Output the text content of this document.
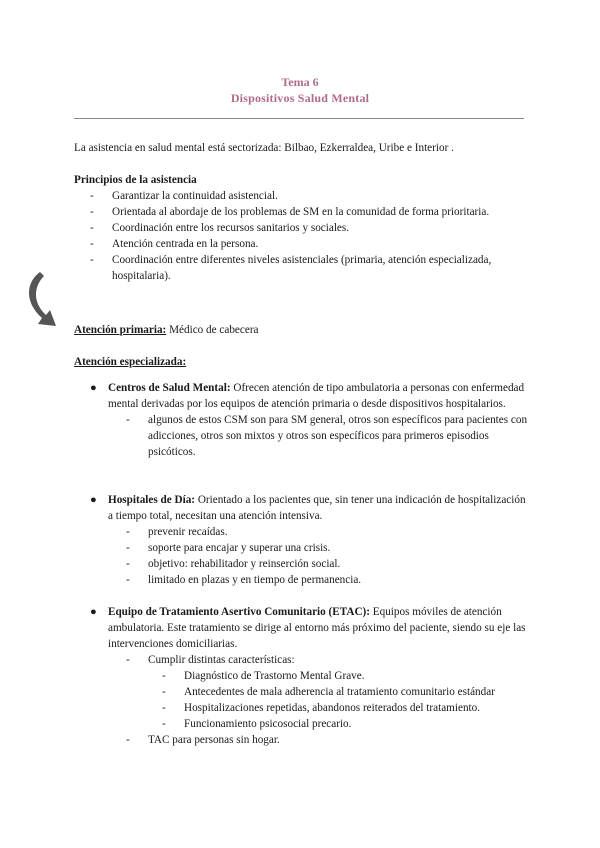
Tema 6
Dispositivos Salud Mental
La asistencia en salud mental está sectorizada: Bilbao, Ezkerraldea, Uribe e Interior .
Principios de la asistencia
- Garantizar la continuidad asistencial.
- Orientada al abordaje de los problemas de SM en la comunidad de forma prioritaria.
- Coordinación entre los recursos sanitarios y sociales.
- Atención centrada en la persona.
- Coordinación entre diferentes niveles asistenciales (primaria, atención especializada, hospitalaria).
Atención primaria: Médico de cabecera
Atención especializada:
● Centros de Salud Mental: Ofrecen atención de tipo ambulatoria a personas con enfermedad mental derivadas por los equipos de atención primaria o desde dispositivos hospitalarios.
- algunos de estos CSM son para SM general, otros son específicos para pacientes con adicciones, otros son mixtos y otros son específicos para primeros episodios psicóticos.
● Hospitales de Día: Orientado a los pacientes que, sin tener una indicación de hospitalización a tiempo total, necesitan una atención intensiva.
- prevenir recaídas.
- soporte para encajar y superar una crisis.
- objetivo: rehabilitador y reinserción social.
- limitado en plazas y en tiempo de permanencia.
● Equipo de Tratamiento Asertivo Comunitario (ETAC): Equipos móviles de atención ambulatoria. Este tratamiento se dirige al entorno más próximo del paciente, siendo su eje las intervenciones domiciliarias.
- Cumplir distintas características:
- Diagnóstico de Trastorno Mental Grave.
- Antecedentes de mala adherencia al tratamiento comunitario estándar
- Hospitalizaciones repetidas, abandonos reiterados del tratamiento.
- Funcionamiento psicosocial precario.
- TAC para personas sin hogar.
